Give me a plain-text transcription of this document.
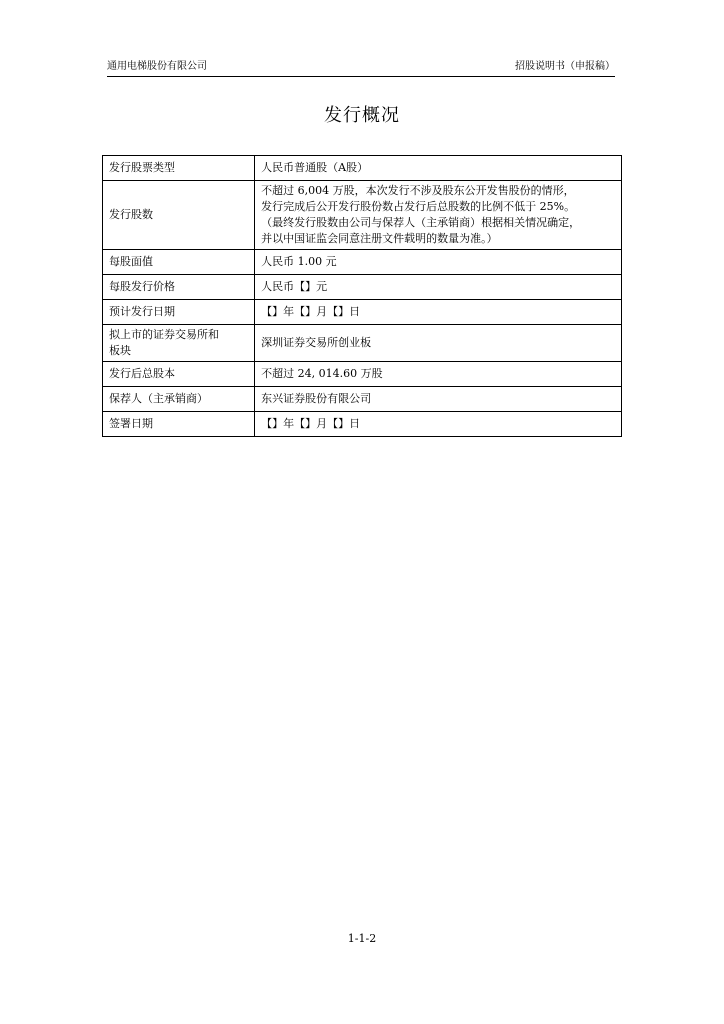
通用电梯股份有限公司	招股说明书（申报稿）
发行概况
发行股票类型	人民币普通股（A股）
发行股数	不超过 6,004 万股，本次发行不涉及股东公开发售股份的情形，
发行完成后公开发行股份数占发行后总股数的比例不低于 25%。
（最终发行股数由公司与保荐人（主承销商）根据相关情况确定，
并以中国证监会同意注册文件载明的数量为准。）

每股面值	人民币 1.00 元
每股发行价格	人民币【】元
预计发行日期	【】年【】月【】日

拟上市的证券交易所和
板块	深圳证券交易所创业板
发行后总股本	不超过 24, 014.60 万股
保荐人（主承销商）	东兴证券股份有限公司
签署日期	【】年【】月【】日
1-1-2
